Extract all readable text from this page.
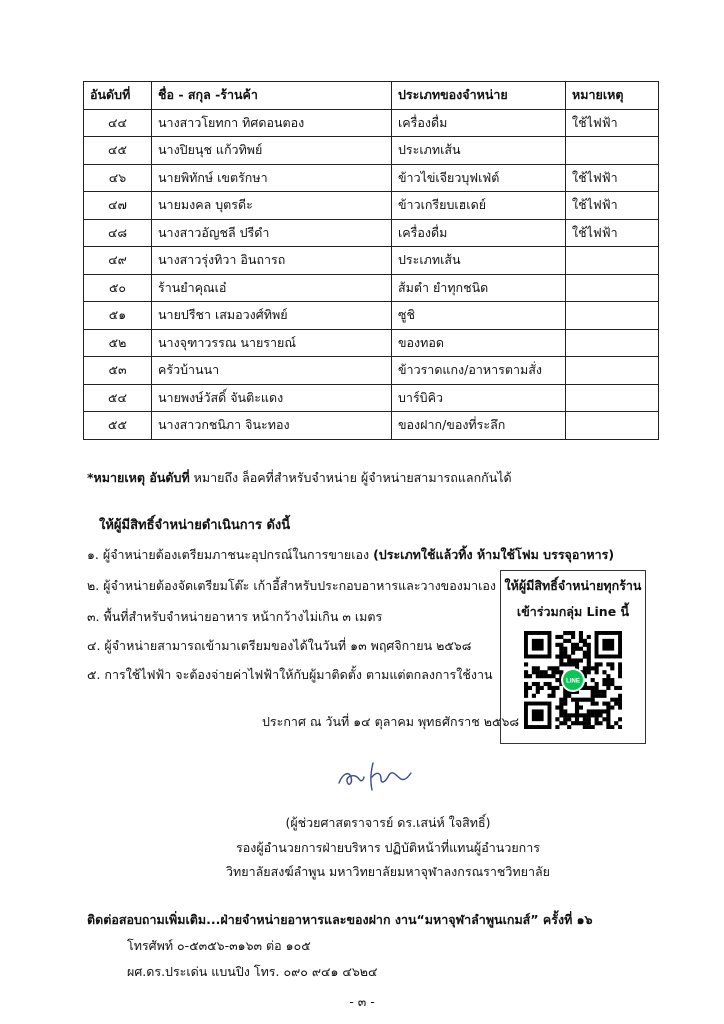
อันดับที่	ชื่อ - สกุล -ร้านค้า	ประเภทของจำหน่าย	หมายเหตุ
๔๔	นางสาวโยทกา ทิศดอนตอง	เครื่องดื่ม	ใช้ไฟฟ้า
๔๕	นางปิยนุช แก้วทิพย์	ประเภทเส้น	
๔๖	นายพิทักษ์ เขตรักษา	ข้าวไข่เจียวบุฟเฟ่ต์	ใช้ไฟฟ้า
๔๗	นายมงคล บุตรดีะ	ข้าวเกรียบเฮเดย์	ใช้ไฟฟ้า
๔๘	นางสาวอัญชลี ปรีดำ	เครื่องดื่ม	ใช้ไฟฟ้า
๔๙	นางสาวรุ่งทิวา อินถารถ	ประเภทเส้น	
๕๐	ร้านยำคุณเอ๋	ส้มตำ ยำทุกชนิด	
๕๑	นายปรีชา เสมอวงศ์ทิพย์	ซูชิ	
๕๒	นางจุฑาวรรณ นายรายณ์	ของทอด	
๕๓	ครัวบ้านนา	ข้าวราดแกง/อาหารตามสั่ง	
๕๔	นายพงษ์วัสดิ์ จันติะแดง	บาร์บิคิว	
๕๕	นางสาวกชนิภา จินะทอง	ของฝาก/ของที่ระลึก	
*หมายเหตุ อันดับที่ หมายถึง ล็อคที่สำหรับจำหน่าย ผู้จำหน่ายสามารถแลกกันได้
ให้ผู้มีสิทธิ์จำหน่ายดำเนินการ ดังนี้
๑. ผู้จำหน่ายต้องเตรียมภาชนะอุปกรณ์ในการขายเอง (ประเภทใช้แล้วทิ้ง ห้ามใช้โฟม บรรจุอาหาร)
๒. ผู้จำหน่ายต้องจัดเตรียมโต๊ะ เก้าอี้สำหรับประกอบอาหารและวางของมาเอง
๓. พื้นที่สำหรับจำหน่ายอาหาร หน้ากว้างไม่เกิน ๓ เมตร
๔. ผู้จำหน่ายสามารถเข้ามาเตรียมของได้ในวันที่ ๑๓ พฤศจิกายน ๒๕๖๘
๕. การใช้ไฟฟ้า จะต้องจ่ายค่าไฟฟ้าให้กับผู้มาติดตั้ง ตามแต่ตกลงการใช้งาน
ประกาศ ณ วันที่ ๑๔ ตุลาคม พุทธศักราช ๒๕๖๘
ให้ผู้มีสิทธิ์จำหน่ายทุกร้าน
เข้าร่วมกลุ่ม Line นี้
LINE
(ผู้ช่วยศาสตราจารย์ ดร.เสน่ห์ ใจสิทธิ์)
รองผู้อำนวยการฝ่ายบริหาร ปฏิบัติหน้าที่แทนผู้อำนวยการ
วิทยาลัยสงฆ์ลำพูน มหาวิทยาลัยมหาจุฬาลงกรณราชวิทยาลัย
ติดต่อสอบถามเพิ่มเติม...ฝ่ายจำหน่ายอาหารและของฝาก งาน“มหาจุฬาลำพูนเกมส์” ครั้งที่ ๑๖
โทรศัพท์ ๐-๕๓๕๖-๓๑๖๓ ต่อ ๑๐๕
ผศ.ดร.ประเด่น แบนปิง โทร. ๐๙๐ ๙๔๑ ๔๖๒๔
- ๓ -
